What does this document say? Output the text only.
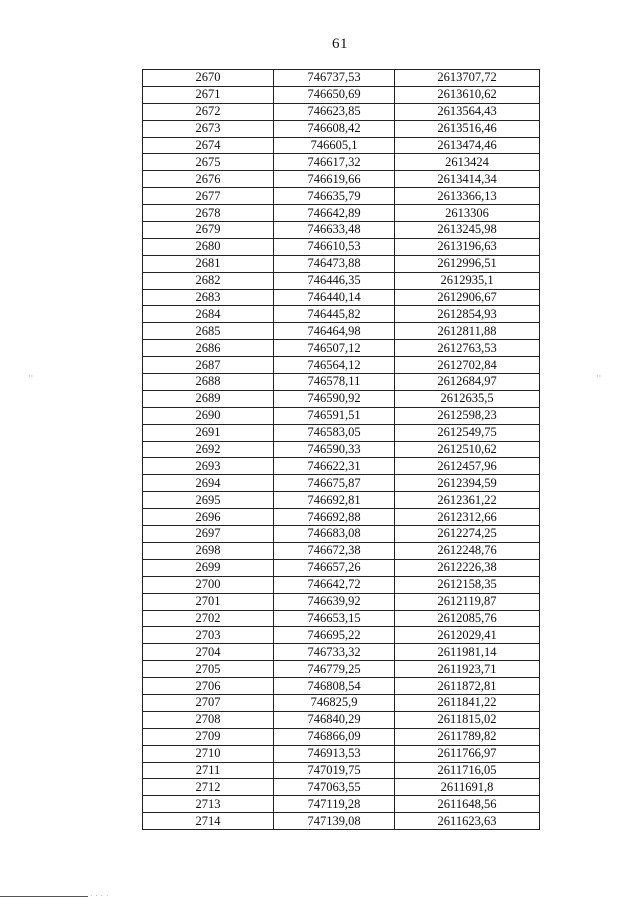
61
2670	746737,53	2613707,72
2671	746650,69	2613610,62
2672	746623,85	2613564,43
2673	746608,42	2613516,46
2674	746605,1	2613474,46
2675	746617,32	2613424
2676	746619,66	2613414,34
2677	746635,79	2613366,13
2678	746642,89	2613306
2679	746633,48	2613245,98
2680	746610,53	2613196,63
2681	746473,88	2612996,51
2682	746446,35	2612935,1
2683	746440,14	2612906,67
2684	746445,82	2612854,93
2685	746464,98	2612811,88
2686	746507,12	2612763,53
2687	746564,12	2612702,84
2688	746578,11	2612684,97
2689	746590,92	2612635,5
2690	746591,51	2612598,23
2691	746583,05	2612549,75
2692	746590,33	2612510,62
2693	746622,31	2612457,96
2694	746675,87	2612394,59
2695	746692,81	2612361,22
2696	746692,88	2612312,66
2697	746683,08	2612274,25
2698	746672,38	2612248,76
2699	746657,26	2612226,38
2700	746642,72	2612158,35
2701	746639,92	2612119,87
2702	746653,15	2612085,76
2703	746695,22	2612029,41
2704	746733,32	2611981,14
2705	746779,25	2611923,71
2706	746808,54	2611872,81
2707	746825,9	2611841,22
2708	746840,29	2611815,02
2709	746866,09	2611789,82
2710	746913,53	2611766,97
2711	747019,75	2611716,05
2712	747063,55	2611691,8
2713	747119,28	2611648,56
2714	747139,08	2611623,63
··	··
····
